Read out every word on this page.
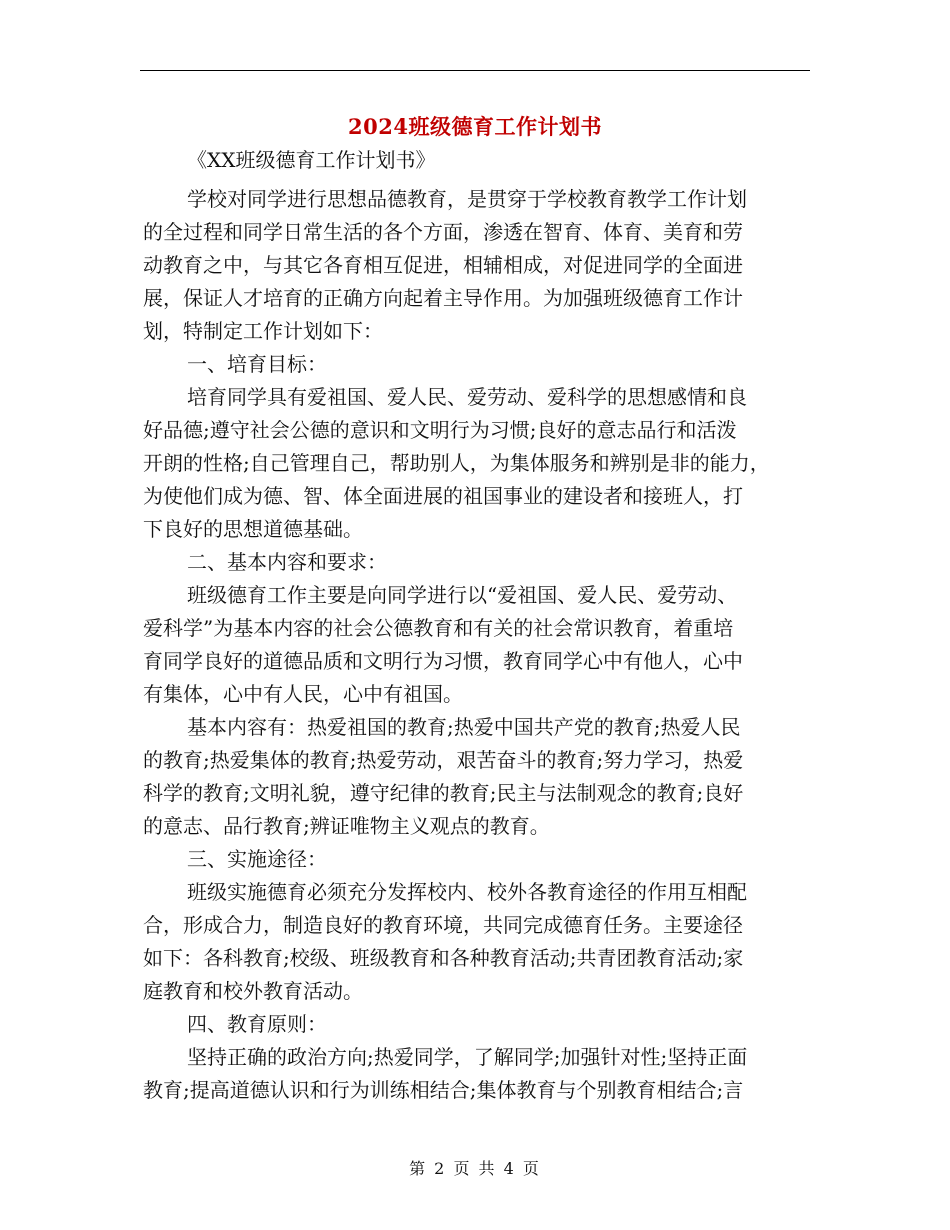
2024班级德育工作计划书
《XX班级德育工作计划书》
学校对同学进行思想品德教育，是贯穿于学校教育教学工作计划
的全过程和同学日常生活的各个方面，渗透在智育、体育、美育和劳
动教育之中，与其它各育相互促进，相辅相成，对促进同学的全面进
展，保证人才培育的正确方向起着主导作用。为加强班级德育工作计
划，特制定工作计划如下：
一、培育目标：
培育同学具有爱祖国、爱人民、爱劳动、爱科学的思想感情和良
好品德;遵守社会公德的意识和文明行为习惯;良好的意志品行和活泼
开朗的性格;自己管理自己，帮助别人，为集体服务和辨别是非的能力，
为使他们成为德、智、体全面进展的祖国事业的建设者和接班人，打
下良好的思想道德基础。
二、基本内容和要求：
班级德育工作主要是向同学进行以“爱祖国、爱人民、爱劳动、
爱科学”为基本内容的社会公德教育和有关的社会常识教育，着重培
育同学良好的道德品质和文明行为习惯，教育同学心中有他人，心中
有集体，心中有人民，心中有祖国。
基本内容有：热爱祖国的教育;热爱中国共产党的教育;热爱人民
的教育;热爱集体的教育;热爱劳动，艰苦奋斗的教育;努力学习，热爱
科学的教育;文明礼貌，遵守纪律的教育;民主与法制观念的教育;良好
的意志、品行教育;辨证唯物主义观点的教育。
三、实施途径：
班级实施德育必须充分发挥校内、校外各教育途径的作用互相配
合，形成合力，制造良好的教育环境，共同完成德育任务。主要途径
如下：各科教育;校级、班级教育和各种教育活动;共青团教育活动;家
庭教育和校外教育活动。
四、教育原则：
坚持正确的政治方向;热爱同学，了解同学;加强针对性;坚持正面
教育;提高道德认识和行为训练相结合;集体教育与个别教育相结合;言
第 2 页 共 4 页
